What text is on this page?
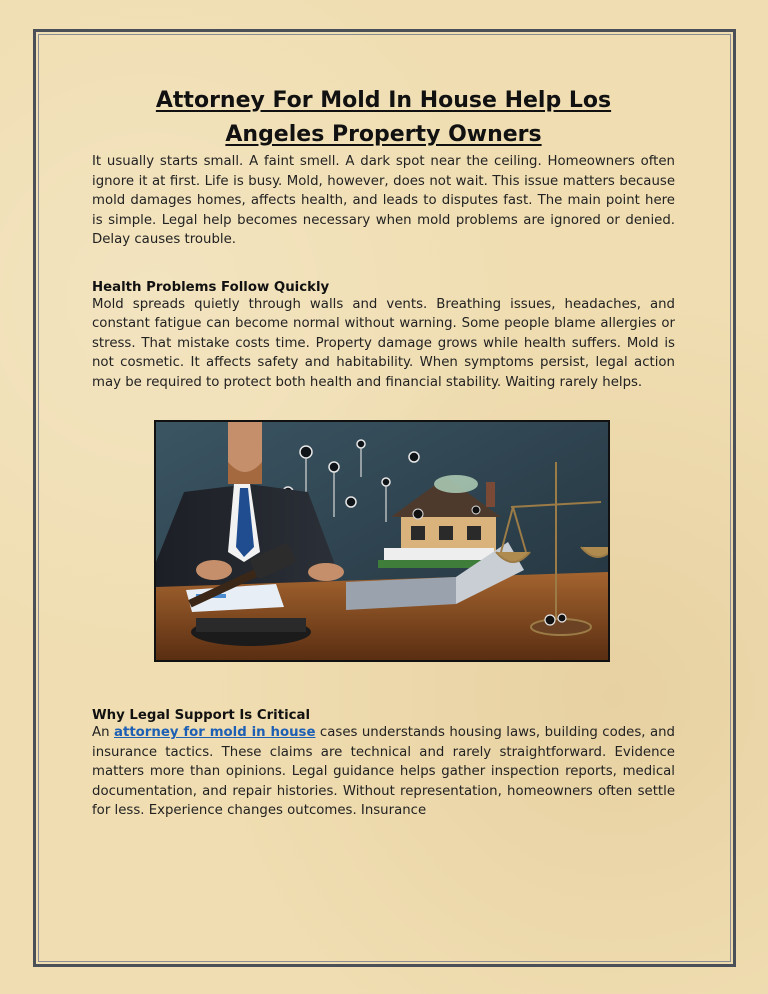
Attorney For Mold In House Help Los Angeles Property Owners

It usually starts small. A faint smell. A dark spot near the ceiling. Homeowners often ignore it at first. Life is busy. Mold, however, does not wait. This issue matters because mold damages homes, affects health, and leads to disputes fast. The main point here is simple. Legal help becomes necessary when mold problems are ignored or denied. Delay causes trouble.

Health Problems Follow Quickly

Mold spreads quietly through walls and vents. Breathing issues, headaches, and constant fatigue can become normal without warning. Some people blame allergies or stress. That mistake costs time. Property damage grows while health suffers. Mold is not cosmetic. It affects safety and habitability. When symptoms persist, legal action may be required to protect both health and financial stability. Waiting rarely helps.

Why Legal Support Is Critical

An attorney for mold in house cases understands housing laws, building codes, and insurance tactics. These claims are technical and rarely straightforward. Evidence matters more than opinions. Legal guidance helps gather inspection reports, medical documentation, and repair histories. Without representation, homeowners often settle for less. Experience changes outcomes. Insurance
